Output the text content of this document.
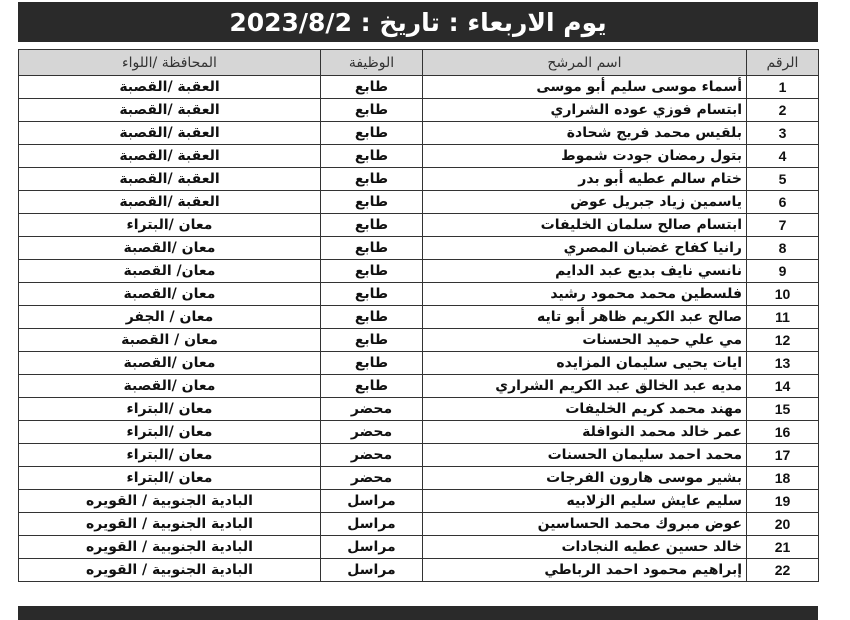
يوم الاربعاء : تاريخ : 2023/8/2
الرقم	اسم المرشح	الوظيفة	المحافظة /اللواء
1	أسماء موسى سليم أبو موسى	طابع	العقبة /القصبة
2	ابتسام فوزي عوده الشراري	طابع	العقبة /القصبة
3	بلقيس محمد فريج شحادة	طابع	العقبة /القصبة
4	بتول رمضان جودت شموط	طابع	العقبة /القصبة
5	ختام سالم عطيه أبو بدر	طابع	العقبة /القصبة
6	ياسمين زياد جبريل عوض	طابع	العقبة /القصبة
7	ابتسام صالح سلمان الخليفات	طابع	معان /البتراء
8	رانيا كفاح غضبان المصري	طابع	معان /القصبة
9	نانسي نايف بديع عبد الدايم	طابع	معان/ القصبة
10	فلسطين محمد محمود رشيد	طابع	معان /القصبة
11	صالح عبد الكريم ظاهر أبو تايه	طابع	معان / الجفر
12	مي علي حميد الحسنات	طابع	معان / القصبة
13	ايات يحيى سليمان المزايده	طابع	معان /القصبة
14	مديه عبد الخالق عبد الكريم الشراري	طابع	معان /القصبة
15	مهند محمد كريم الخليفات	محضر	معان /البتراء
16	عمر خالد محمد النوافلة	محضر	معان /البتراء
17	محمد احمد سليمان الحسنات	محضر	معان /البتراء
18	بشير موسى هارون الفرجات	محضر	معان /البتراء
19	سليم عايش سليم الزلابيه	مراسل	البادية الجنوبية / القويره
20	عوض مبروك محمد الحساسين	مراسل	البادية الجنوبية / القويره
21	خالد حسين عطيه النجادات	مراسل	البادية الجنوبية / القويره
22	إبراهيم محمود احمد الرباطي	مراسل	البادية الجنوبية / القويره
